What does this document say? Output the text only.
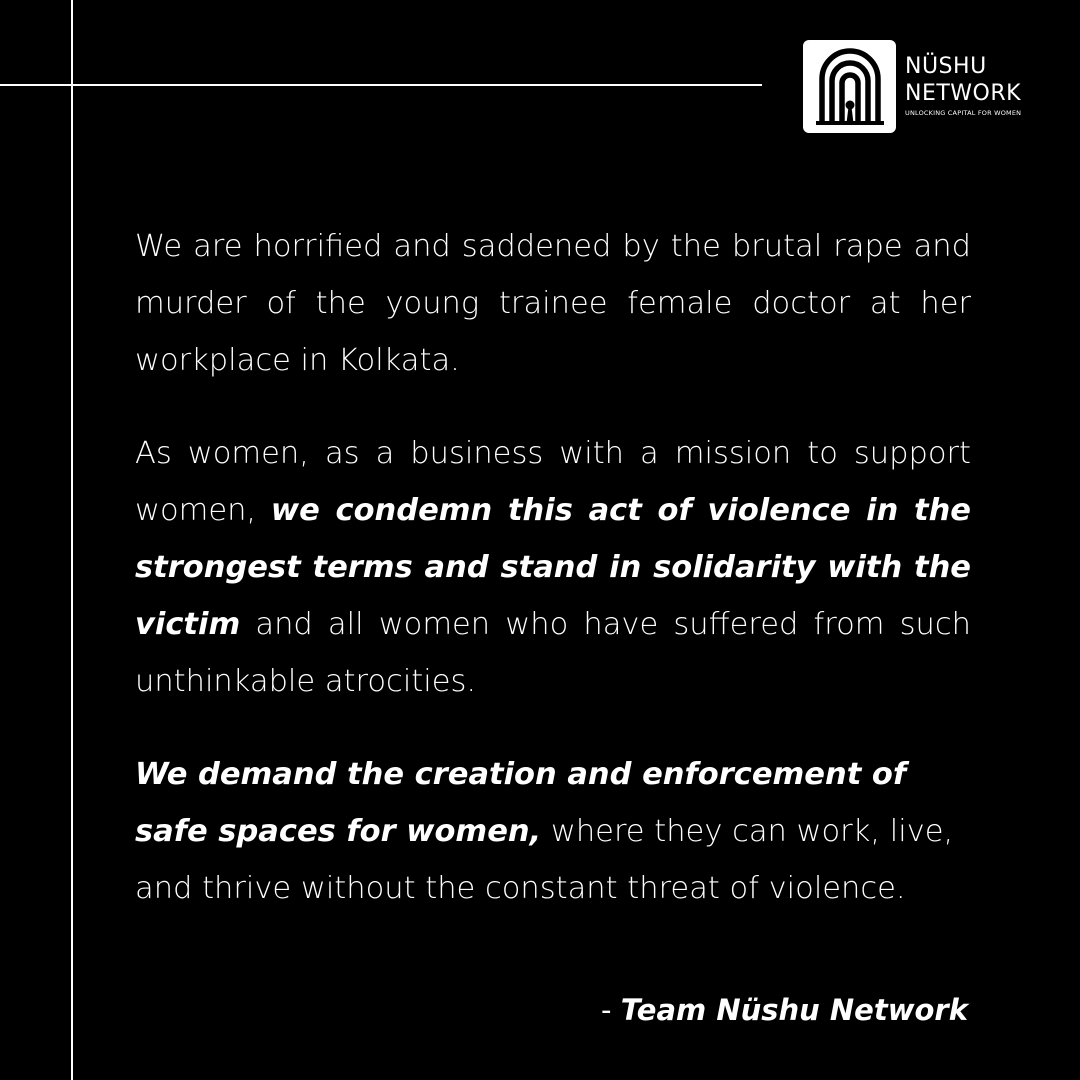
NÜSHU
NETWORK
UNLOCKING CAPITAL FOR WOMEN

We are horrified and saddened by the brutal rape and murder of the young trainee female doctor at her workplace in Kolkata.

As women, as a business with a mission to support women, we condemn this act of violence in the strongest terms and stand in solidarity with the victim and all women who have suffered from such unthinkable atrocities.

We demand the creation and enforcement of safe spaces for women, where they can work, live, and thrive without the constant threat of violence.

- Team Nüshu Network
